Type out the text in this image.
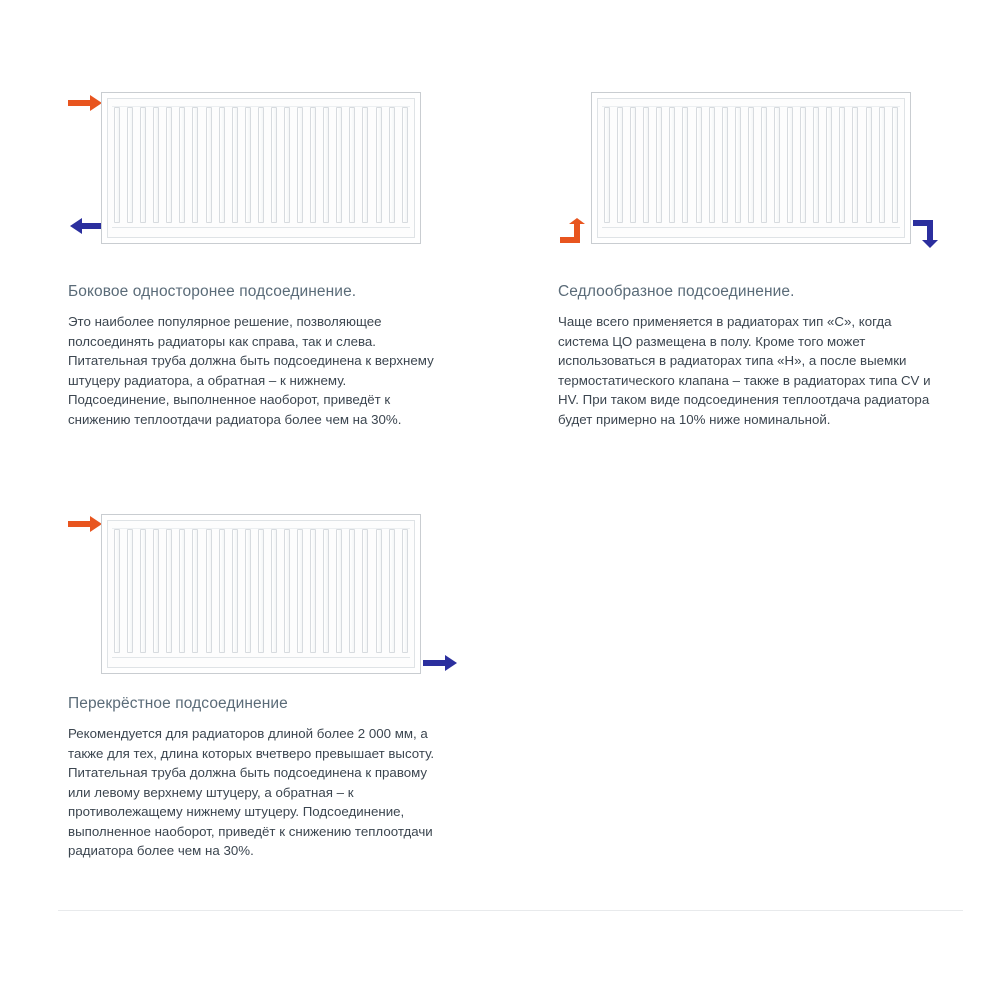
Боковое односторонее подсоединение.
Это наиболее популярное решение, позволяющее полсоединять радиаторы как справа, так и слева. Питательная труба должна быть подсоединена к верхнему штуцеру радиатора, а обратная – к нижнему. Подсоединение, выполненное наоборот, приведёт к снижению теплоотдачи радиатора более чем на 30%.
Седлообразное подсоединение.
Чаще всего применяется в радиаторах тип «С», когда система ЦО размещена в полу. Кроме того может использоваться в радиаторах типа «Н», а после выемки термостатического клапана – также в радиаторах типа CV и HV. При таком виде подсоединения теплоотдача радиатора будет примерно на 10% ниже номинальной.
Перекрёстное подсоединение
Рекомендуется для радиаторов длиной более 2 000 мм, а также для тех, длина которых вчетверо превышает высоту. Питательная труба должна быть подсоединена к правому или левому верхнему штуцеру, а обратная – к противолежащему нижнему штуцеру. Подсоединение, выполненное наоборот, приведёт к снижению теплоотдачи радиатора более чем на 30%.
